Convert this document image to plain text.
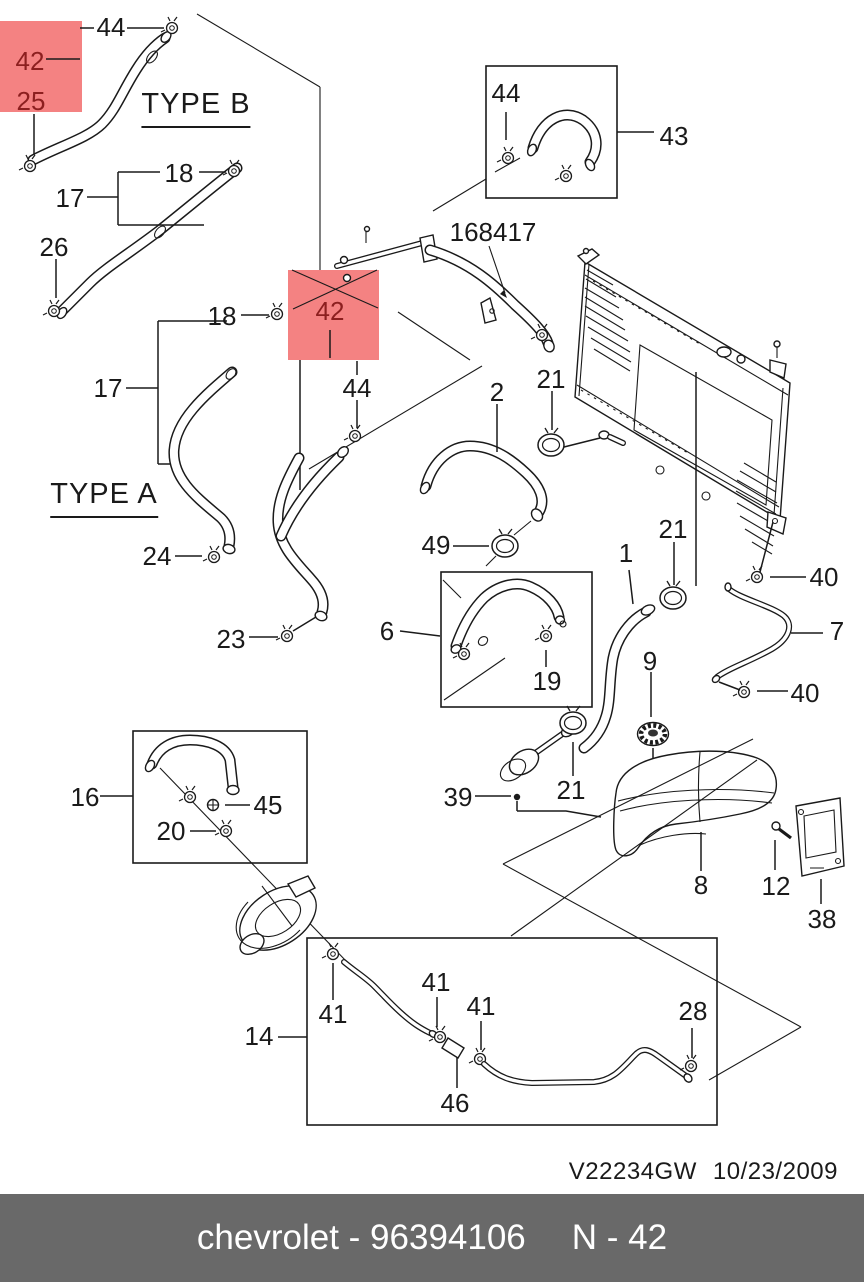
44
42
25	TYPE B
18
17
26
44
43
168417
42
18
17	44	2 21
TYPE A
24	49
21
23	6
19
1
9
40
7
40
16	45
20
39	21
8 12
38
14
41
41
41
46
28
V22234GW 10/23/2009
chevrolet - 96394106 N - 42
